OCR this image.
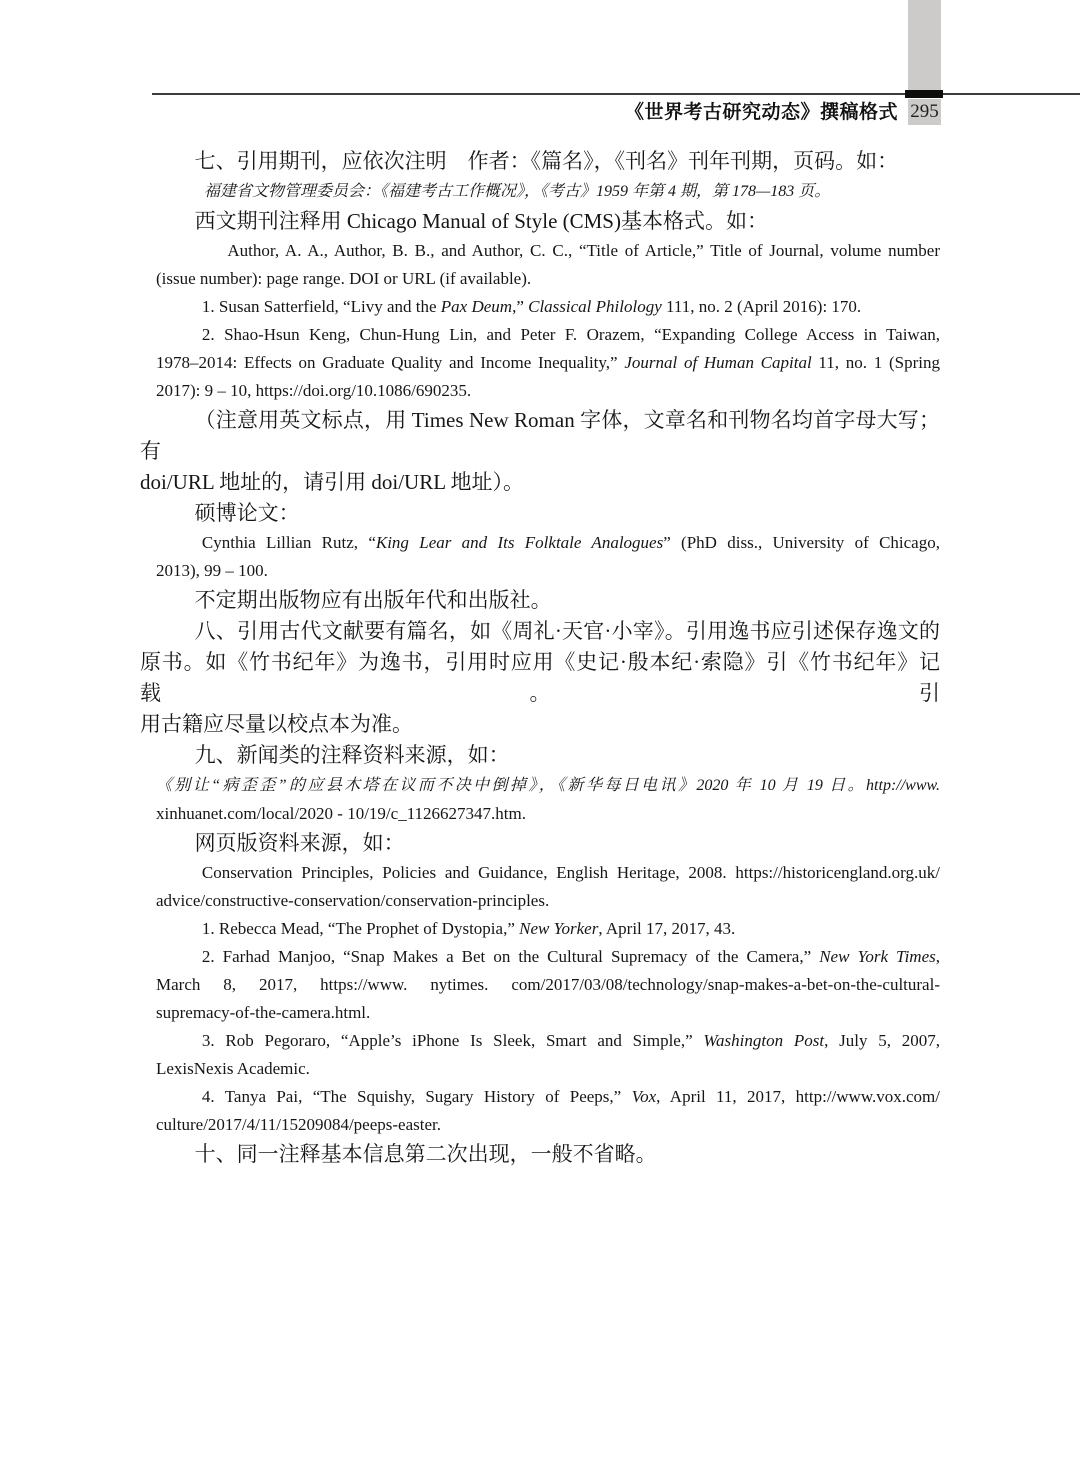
《世界考古研究动态》撰稿格式 295
七、引用期刊，应依次注明　作者：《篇名》，《刊名》刊年刊期，页码。如：
福建省文物管理委员会：《福建考古工作概况》，《考古》1959 年第 4 期，第 178—183 页。
西文期刊注释用 Chicago Manual of Style (CMS)基本格式。如：
Author, A. A., Author, B. B., and Author, C. C., “Title of Article,” Title of Journal, volume number
(issue number): page range. DOI or URL (if available).
1. Susan Satterfield, “Livy and the Pax Deum,” Classical Philology 111, no. 2 (April 2016): 170.
2. Shao-Hsun Keng, Chun-Hung Lin, and Peter F. Orazem, “Expanding College Access in Taiwan,
1978–2014: Effects on Graduate Quality and Income Inequality,” Journal of Human Capital 11, no. 1 (Spring
2017): 9 – 10, https://doi.org/10.1086/690235.
（注意用英文标点，用 Times New Roman 字体，文章名和刊物名均首字母大写；有
doi/URL 地址的，请引用 doi/URL 地址）。
硕博论文：
Cynthia Lillian Rutz, “King Lear and Its Folktale Analogues” (PhD diss., University of Chicago,
2013), 99 – 100.
不定期出版物应有出版年代和出版社。
八、引用古代文献要有篇名，如《周礼·天官·小宰》。引用逸书应引述保存逸文的
原书。如《竹书纪年》为逸书，引用时应用《史记·殷本纪·索隐》引《竹书纪年》记载。引
用古籍应尽量以校点本为准。
九、新闻类的注释资料来源，如：
《别让“病歪歪”的应县木塔在议而不决中倒掉》，《新华每日电讯》2020 年 10 月 19 日。http://www.
xinhuanet.com/local/2020 - 10/19/c_1126627347.htm.
网页版资料来源，如：
Conservation Principles, Policies and Guidance, English Heritage, 2008. https://historicengland.org.uk/
advice/constructive-conservation/conservation-principles.
1. Rebecca Mead, “The Prophet of Dystopia,” New Yorker, April 17, 2017, 43.
2. Farhad Manjoo, “Snap Makes a Bet on the Cultural Supremacy of the Camera,” New York Times,
March 8, 2017, https://www. nytimes. com/2017/03/08/technology/snap-makes-a-bet-on-the-cultural-
supremacy-of-the-camera.html.
3. Rob Pegoraro, “Apple’s iPhone Is Sleek, Smart and Simple,” Washington Post, July 5, 2007,
LexisNexis Academic.
4. Tanya Pai, “The Squishy, Sugary History of Peeps,” Vox, April 11, 2017, http://www.vox.com/
culture/2017/4/11/15209084/peeps-easter.
十、同一注释基本信息第二次出现，一般不省略。
